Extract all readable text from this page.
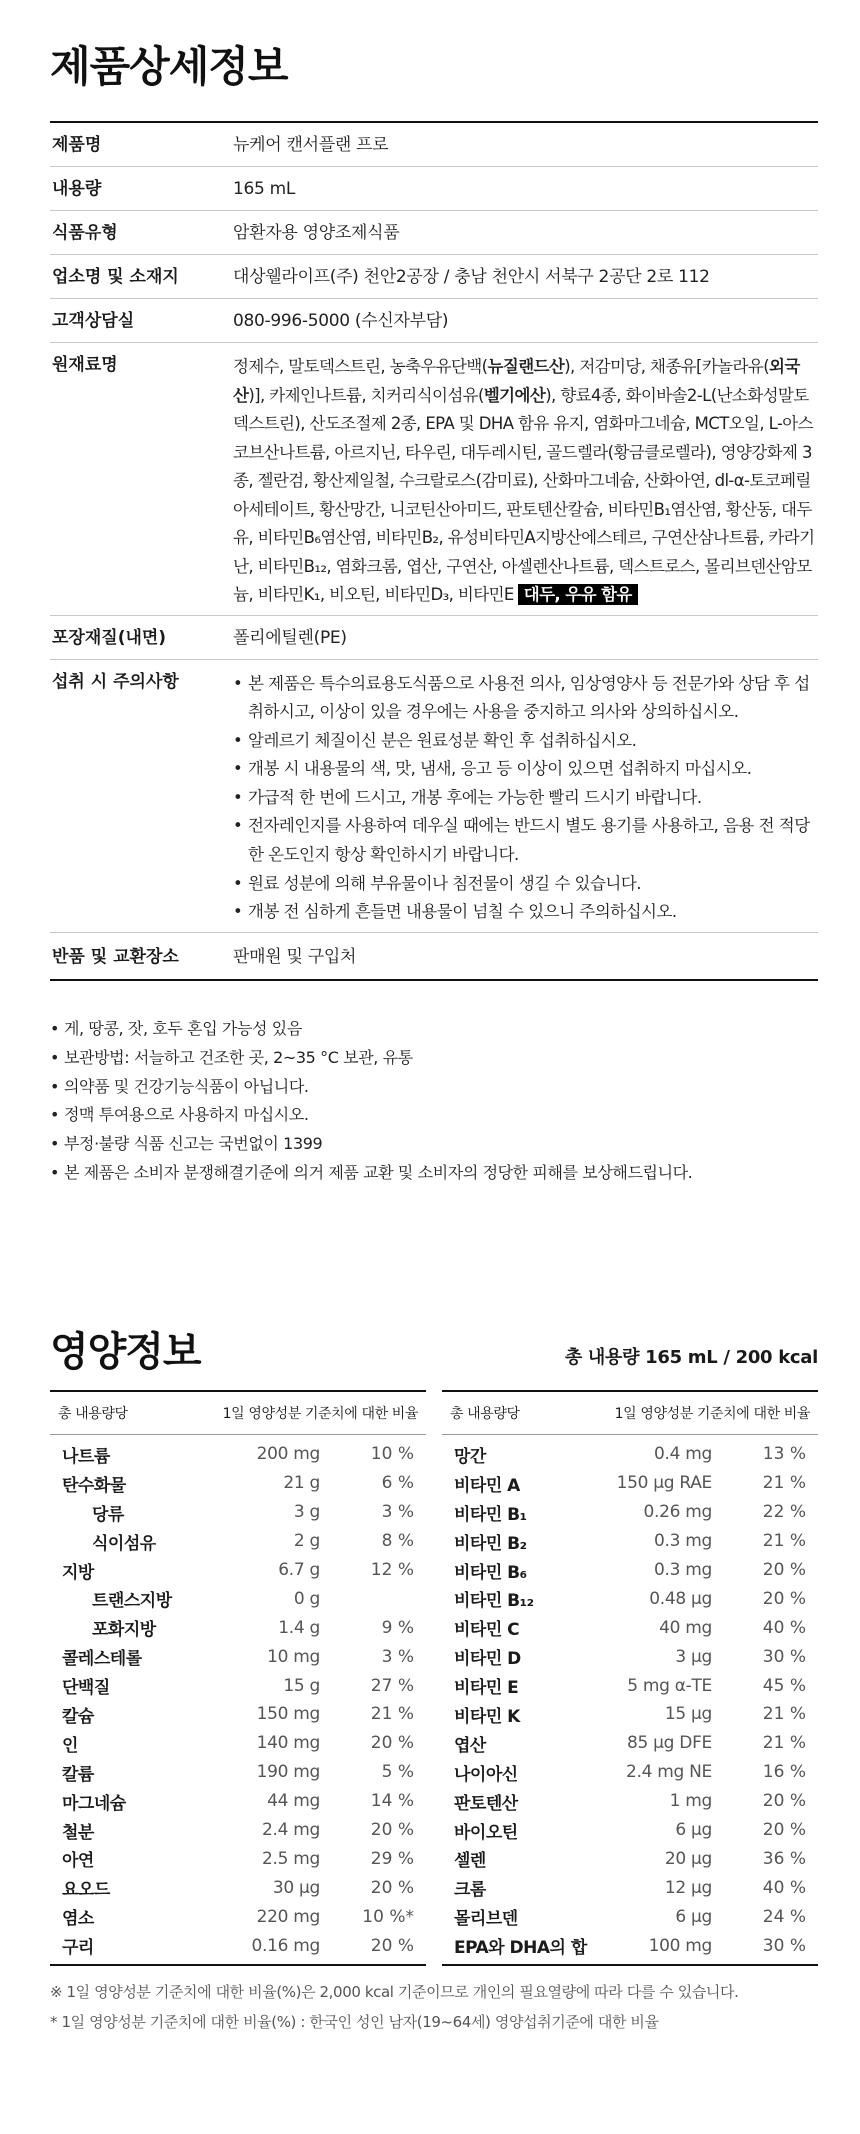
제품상세정보
제품명	뉴케어 캔서플랜 프로
내용량	165 mL
식품유형	암환자용 영양조제식품
업소명 및 소재지	대상웰라이프(주) 천안2공장 / 충남 천안시 서북구 2공단 2로 112
고객상담실	080-996-5000 (수신자부담)
원재료명	정제수, 말토덱스트린, 농축우유단백(뉴질랜드산), 저감미당, 채종유[카놀라유(외국산)], 카제인나트륨, 치커리식이섬유(벨기에산), 향료4종, 화이바솔2-L(난소화성말토덱스트린), 산도조절제 2종, EPA 및 DHA 함유 유지, 염화마그네슘, MCT오일, L-아스코브산나트륨, 아르지닌, 타우린, 대두레시틴, 골드렐라(황금클로렐라), 영양강화제 3종, 젤란검, 황산제일철, 수크랄로스(감미료), 산화마그네슘, 산화아연, dl-α-토코페릴아세테이트, 황산망간, 니코틴산아미드, 판토텐산칼슘, 비타민B₁염산염, 황산동, 대두유, 비타민B₆염산염, 비타민B₂, 유성비타민A지방산에스테르, 구연산삼나트륨, 카라기난, 비타민B₁₂, 염화크롬, 엽산, 구연산, 아셀렌산나트륨, 덱스트로스, 몰리브덴산암모늄, 비타민K₁, 비오틴, 비타민D₃, 비타민E 대두, 우유 함유
포장재질(내면)	폴리에틸렌(PE)
섭취 시 주의사항
•	본 제품은 특수의료용도식품으로 사용전 의사, 임상영양사 등 전문가와 상담 후 섭취하시고, 이상이 있을 경우에는 사용을 중지하고 의사와 상의하십시오.
• 알레르기 체질이신 분은 원료성분 확인 후 섭취하십시오.
• 개봉 시 내용물의 색, 맛, 냄새, 응고 등 이상이 있으면 섭취하지 마십시오.
• 가급적 한 번에 드시고, 개봉 후에는 가능한 빨리 드시기 바랍니다.
• 전자레인지를 사용하여 데우실 때에는 반드시 별도 용기를 사용하고, 음용 전 적당한 온도인지 항상 확인하시기 바랍니다.
• 원료 성분에 의해 부유물이나 침전물이 생길 수 있습니다.
• 개봉 전 심하게 흔들면 내용물이 넘칠 수 있으니 주의하십시오.
반품 및 교환장소	판매원 및 구입처
• 게, 땅콩, 잣, 호두 혼입 가능성 있음
• 보관방법: 서늘하고 건조한 곳, 2~35 °C 보관, 유통
• 의약품 및 건강기능식품이 아닙니다.
• 정맥 투여용으로 사용하지 마십시오.
• 부정·불량 식품 신고는 국번없이 1399
• 본 제품은 소비자 분쟁해결기준에 의거 제품 교환 및 소비자의 정당한 피해를 보상해드립니다.
영양정보	총 내용량 165 mL / 200 kcal
총 내용량당	1일 영양성분 기준치에 대한 비율
나트륨	200 mg	10 %
탄수화물	21 g	6 %
당류	3 g	3 %
식이섬유	2 g	8 %
지방	6.7 g	12 %
트랜스지방	0 g
포화지방	1.4 g	9 %
콜레스테롤	10 mg	3 %
단백질	15 g	27 %
칼슘	150 mg	21 %
인	140 mg	20 %
칼륨	190 mg	5 %
마그네슘	44 mg	14 %
철분	2.4 mg	20 %
아연	2.5 mg	29 %
요오드	30 μg	20 %
염소	220 mg	10 %*
구리	0.16 mg	20 %
총 내용량당	1일 영양성분 기준치에 대한 비율
망간	0.4 mg	13 %
비타민 A	150 μg RAE	21 %
비타민 B₁	0.26 mg	22 %
비타민 B₂	0.3 mg	21 %
비타민 B₆	0.3 mg	20 %
비타민 B₁₂	0.48 μg	20 %
비타민 C	40 mg	40 %
비타민 D	3 μg	30 %
비타민 E	5 mg α-TE	45 %
비타민 K	15 μg	21 %
엽산	85 μg DFE	21 %
나이아신	2.4 mg NE	16 %
판토텐산	1 mg	20 %
바이오틴	6 μg	20 %
셀렌	20 μg	36 %
크롬	12 μg	40 %
몰리브덴	6 μg	24 %
EPA와 DHA의 합	100 mg	30 %

※ 1일 영양성분 기준치에 대한 비율(%)은 2,000 kcal 기준이므로 개인의 필요열량에 따라 다를 수 있습니다.

* 1일 영양성분 기준치에 대한 비율(%) : 한국인 성인 남자(19~64세) 영양섭취기준에 대한 비율
